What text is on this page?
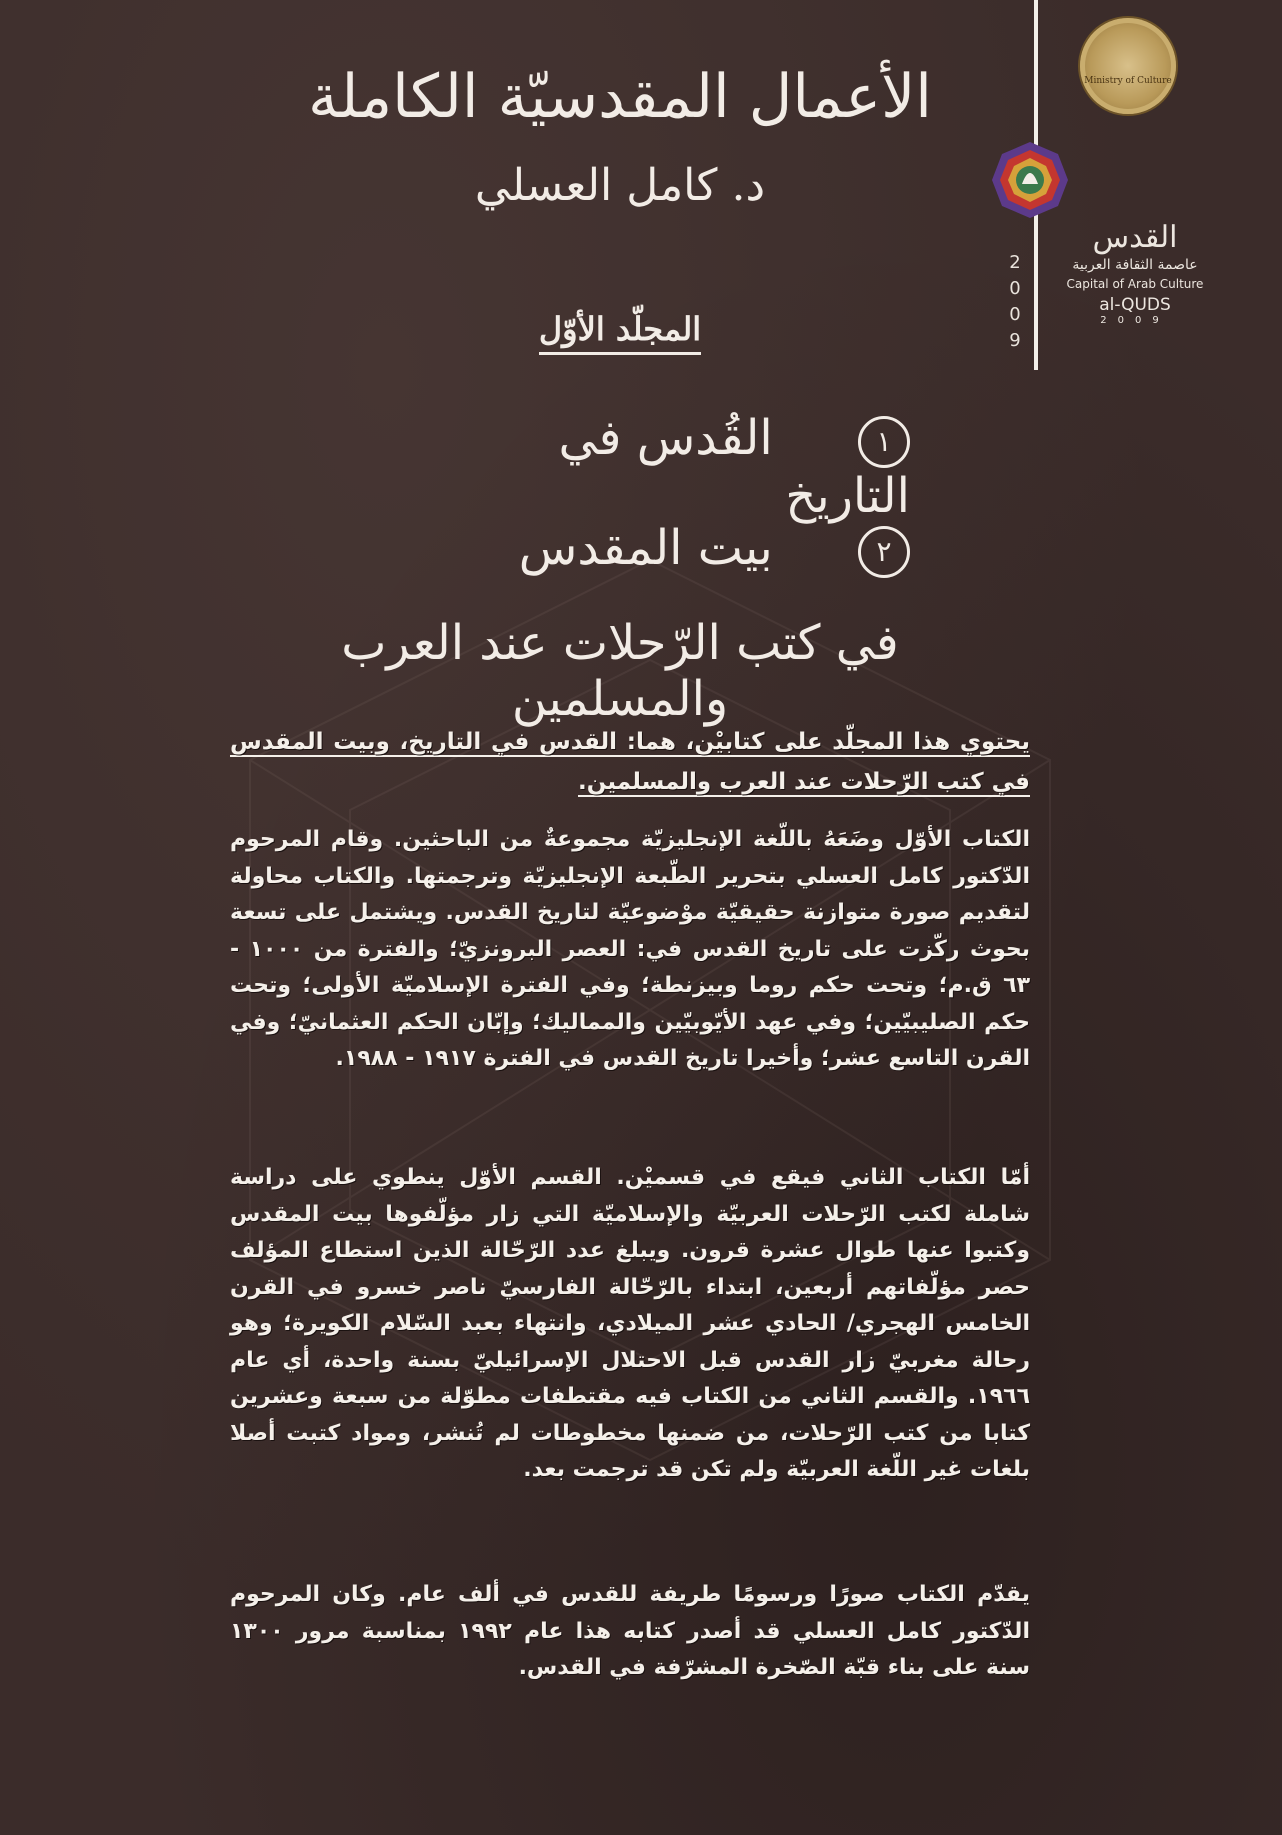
2
0
0
9
Ministry of Culture
القدس
عاصمة الثقافة العربية
Capital of Arab Culture
al-QUDS
2009
الأعمال المقدسيّة الكاملة
د. كامل العسلي
المجلّد الأوّل
١ القُدس في التاريخ
٢ بيت المقدس
في كتب الرّحلات عند العرب والمسلمين
يحتوي هذا المجلّد على كتابيْن، هما: القدس في التاريخ، وبيت المقدس في كتب الرّحلات عند العرب والمسلمين.
الكتاب الأوّل وضَعَهُ باللّغة الإنجليزيّة مجموعةٌ من الباحثين. وقام المرحوم الدّكتور كامل العسلي بتحرير الطّبعة الإنجليزيّة وترجمتها. والكتاب محاولة لتقديم صورة متوازنة حقيقيّة موْضوعيّة لتاريخ القدس. ويشتمل على تسعة بحوث ركّزت على تاريخ القدس في: العصر البرونزيّ؛ والفترة من ١٠٠٠ - ٦٣ ق.م؛ وتحت حكم روما وبيزنطة؛ وفي الفترة الإسلاميّة الأولى؛ وتحت حكم الصليبيّين؛ وفي عهد الأيّوبيّين والمماليك؛ وإبّان الحكم العثمانيّ؛ وفي القرن التاسع عشر؛ وأخيرا تاريخ القدس في الفترة ١٩١٧ - ١٩٨٨.
أمّا الكتاب الثاني فيقع في قسميْن. القسم الأوّل ينطوي على دراسة شاملة لكتب الرّحلات العربيّة والإسلاميّة التي زار مؤلّفوها بيت المقدس وكتبوا عنها طوال عشرة قرون. ويبلغ عدد الرّحّالة الذين استطاع المؤلف حصر مؤلّفاتهم أربعين، ابتداء بالرّحّالة الفارسيّ ناصر خسرو في القرن الخامس الهجري/ الحادي عشر الميلادي، وانتهاء بعبد السّلام الكويرة؛ وهو رحالة مغربيّ زار القدس قبل الاحتلال الإسرائيليّ بسنة واحدة، أي عام ١٩٦٦. والقسم الثاني من الكتاب فيه مقتطفات مطوّلة من سبعة وعشرين كتابا من كتب الرّحلات، من ضمنها مخطوطات لم تُنشر، ومواد كتبت أصلا بلغات غير اللّغة العربيّة ولم تكن قد ترجمت بعد.
يقدّم الكتاب صورًا ورسومًا طريفة للقدس في ألف عام. وكان المرحوم الدّكتور كامل العسلي قد أصدر كتابه هذا عام ١٩٩٢ بمناسبة مرور ١٣٠٠ سنة على بناء قبّة الصّخرة المشرّفة في القدس.
